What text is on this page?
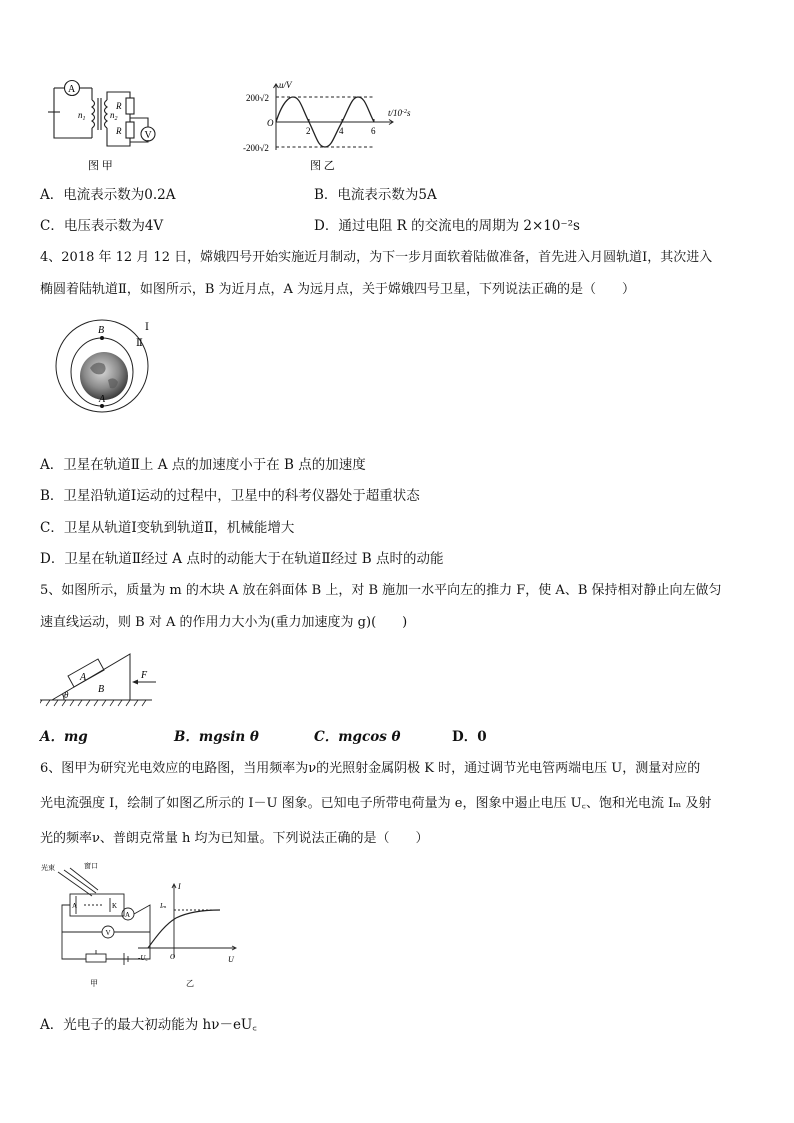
A
V
$n_1$	$n_2$
R
R
图 甲
u/V
200√2
-200√2
O
2	4	6
$t/10^{-2}s$
图 乙
A．电流表示数为0.2A	B．电流表示数为5A
C．电压表示数为4V	D．通过电阻 R 的交流电的周期为 2×10⁻²s
4、2018 年 12 月 12 日，嫦娥四号开始实施近月制动，为下一步月面软着陆做准备，首先进入月圆轨道Ⅰ，其次进入
椭圆着陆轨道Ⅱ，如图所示，B 为近月点，A 为远月点，关于嫦娥四号卫星，下列说法正确的是（　　）
B
A
Ⅰ
Ⅱ
A．卫星在轨道Ⅱ上 A 点的加速度小于在 B 点的加速度
B．卫星沿轨道Ⅰ运动的过程中，卫星中的科考仪器处于超重状态
C．卫星从轨道Ⅰ变轨到轨道Ⅱ，机械能增大
D．卫星在轨道Ⅱ经过 A 点时的动能大于在轨道Ⅱ经过 B 点时的动能
5、如图所示，质量为 m 的木块 A 放在斜面体 B 上，对 B 施加一水平向左的推力 F，使 A、B 保持相对静止向左做匀
速直线运动，则 B 对 A 的作用力大小为(重力加速度为 g)(　　)
A
B
F
θ
A．mg	B．mgsin θ	C．mgcos θ	D．0
6、图甲为研究光电效应的电路图，当用频率为ν的光照射金属阴极 K 时，通过调节光电管两端电压 U，测量对应的
光电流强度 I，绘制了如图乙所示的 I－U 图象。已知电子所带电荷量为 e，图象中遏止电压 U꜀、饱和光电流 Iₘ 及射
光的频率ν、普朗克常量 h 均为已知量。下列说法正确的是（　　）
光束	窗口
A	K
A
V
甲
I
Iₘ
U
O
-U꜀
乙
A．光电子的最大初动能为 hν－eU꜀
